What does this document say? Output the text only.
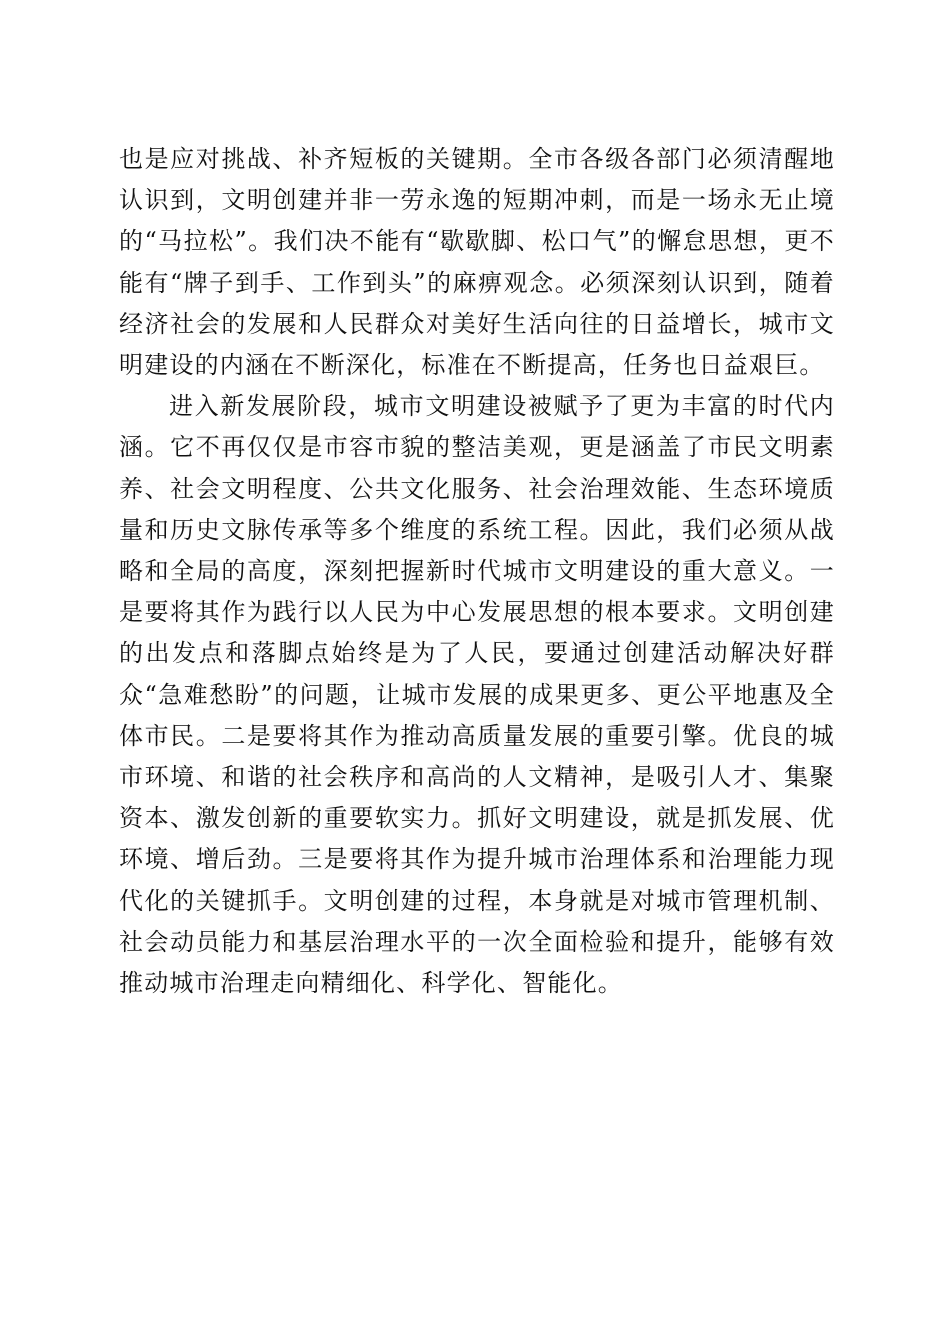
也是应对挑战、补齐短板的关键期。全市各级各部门必须清醒地认识到，文明创建并非一劳永逸的短期冲刺，而是一场永无止境的“马拉松”。我们决不能有“歇歇脚、松口气”的懈怠思想，更不能有“牌子到手、工作到头”的麻痹观念。必须深刻认识到，随着经济社会的发展和人民群众对美好生活向往的日益增长，城市文明建设的内涵在不断深化，标准在不断提高，任务也日益艰巨。

进入新发展阶段，城市文明建设被赋予了更为丰富的时代内涵。它不再仅仅是市容市貌的整洁美观，更是涵盖了市民文明素养、社会文明程度、公共文化服务、社会治理效能、生态环境质量和历史文脉传承等多个维度的系统工程。因此，我们必须从战略和全局的高度，深刻把握新时代城市文明建设的重大意义。一是要将其作为践行以人民为中心发展思想的根本要求。文明创建的出发点和落脚点始终是为了人民，要通过创建活动解决好群众“急难愁盼”的问题，让城市发展的成果更多、更公平地惠及全体市民。二是要将其作为推动高质量发展的重要引擎。优良的城市环境、和谐的社会秩序和高尚的人文精神，是吸引人才、集聚资本、激发创新的重要软实力。抓好文明建设，就是抓发展、优环境、增后劲。三是要将其作为提升城市治理体系和治理能力现代化的关键抓手。文明创建的过程，本身就是对城市管理机制、社会动员能力和基层治理水平的一次全面检验和提升，能够有效推动城市治理走向精细化、科学化、智能化。
